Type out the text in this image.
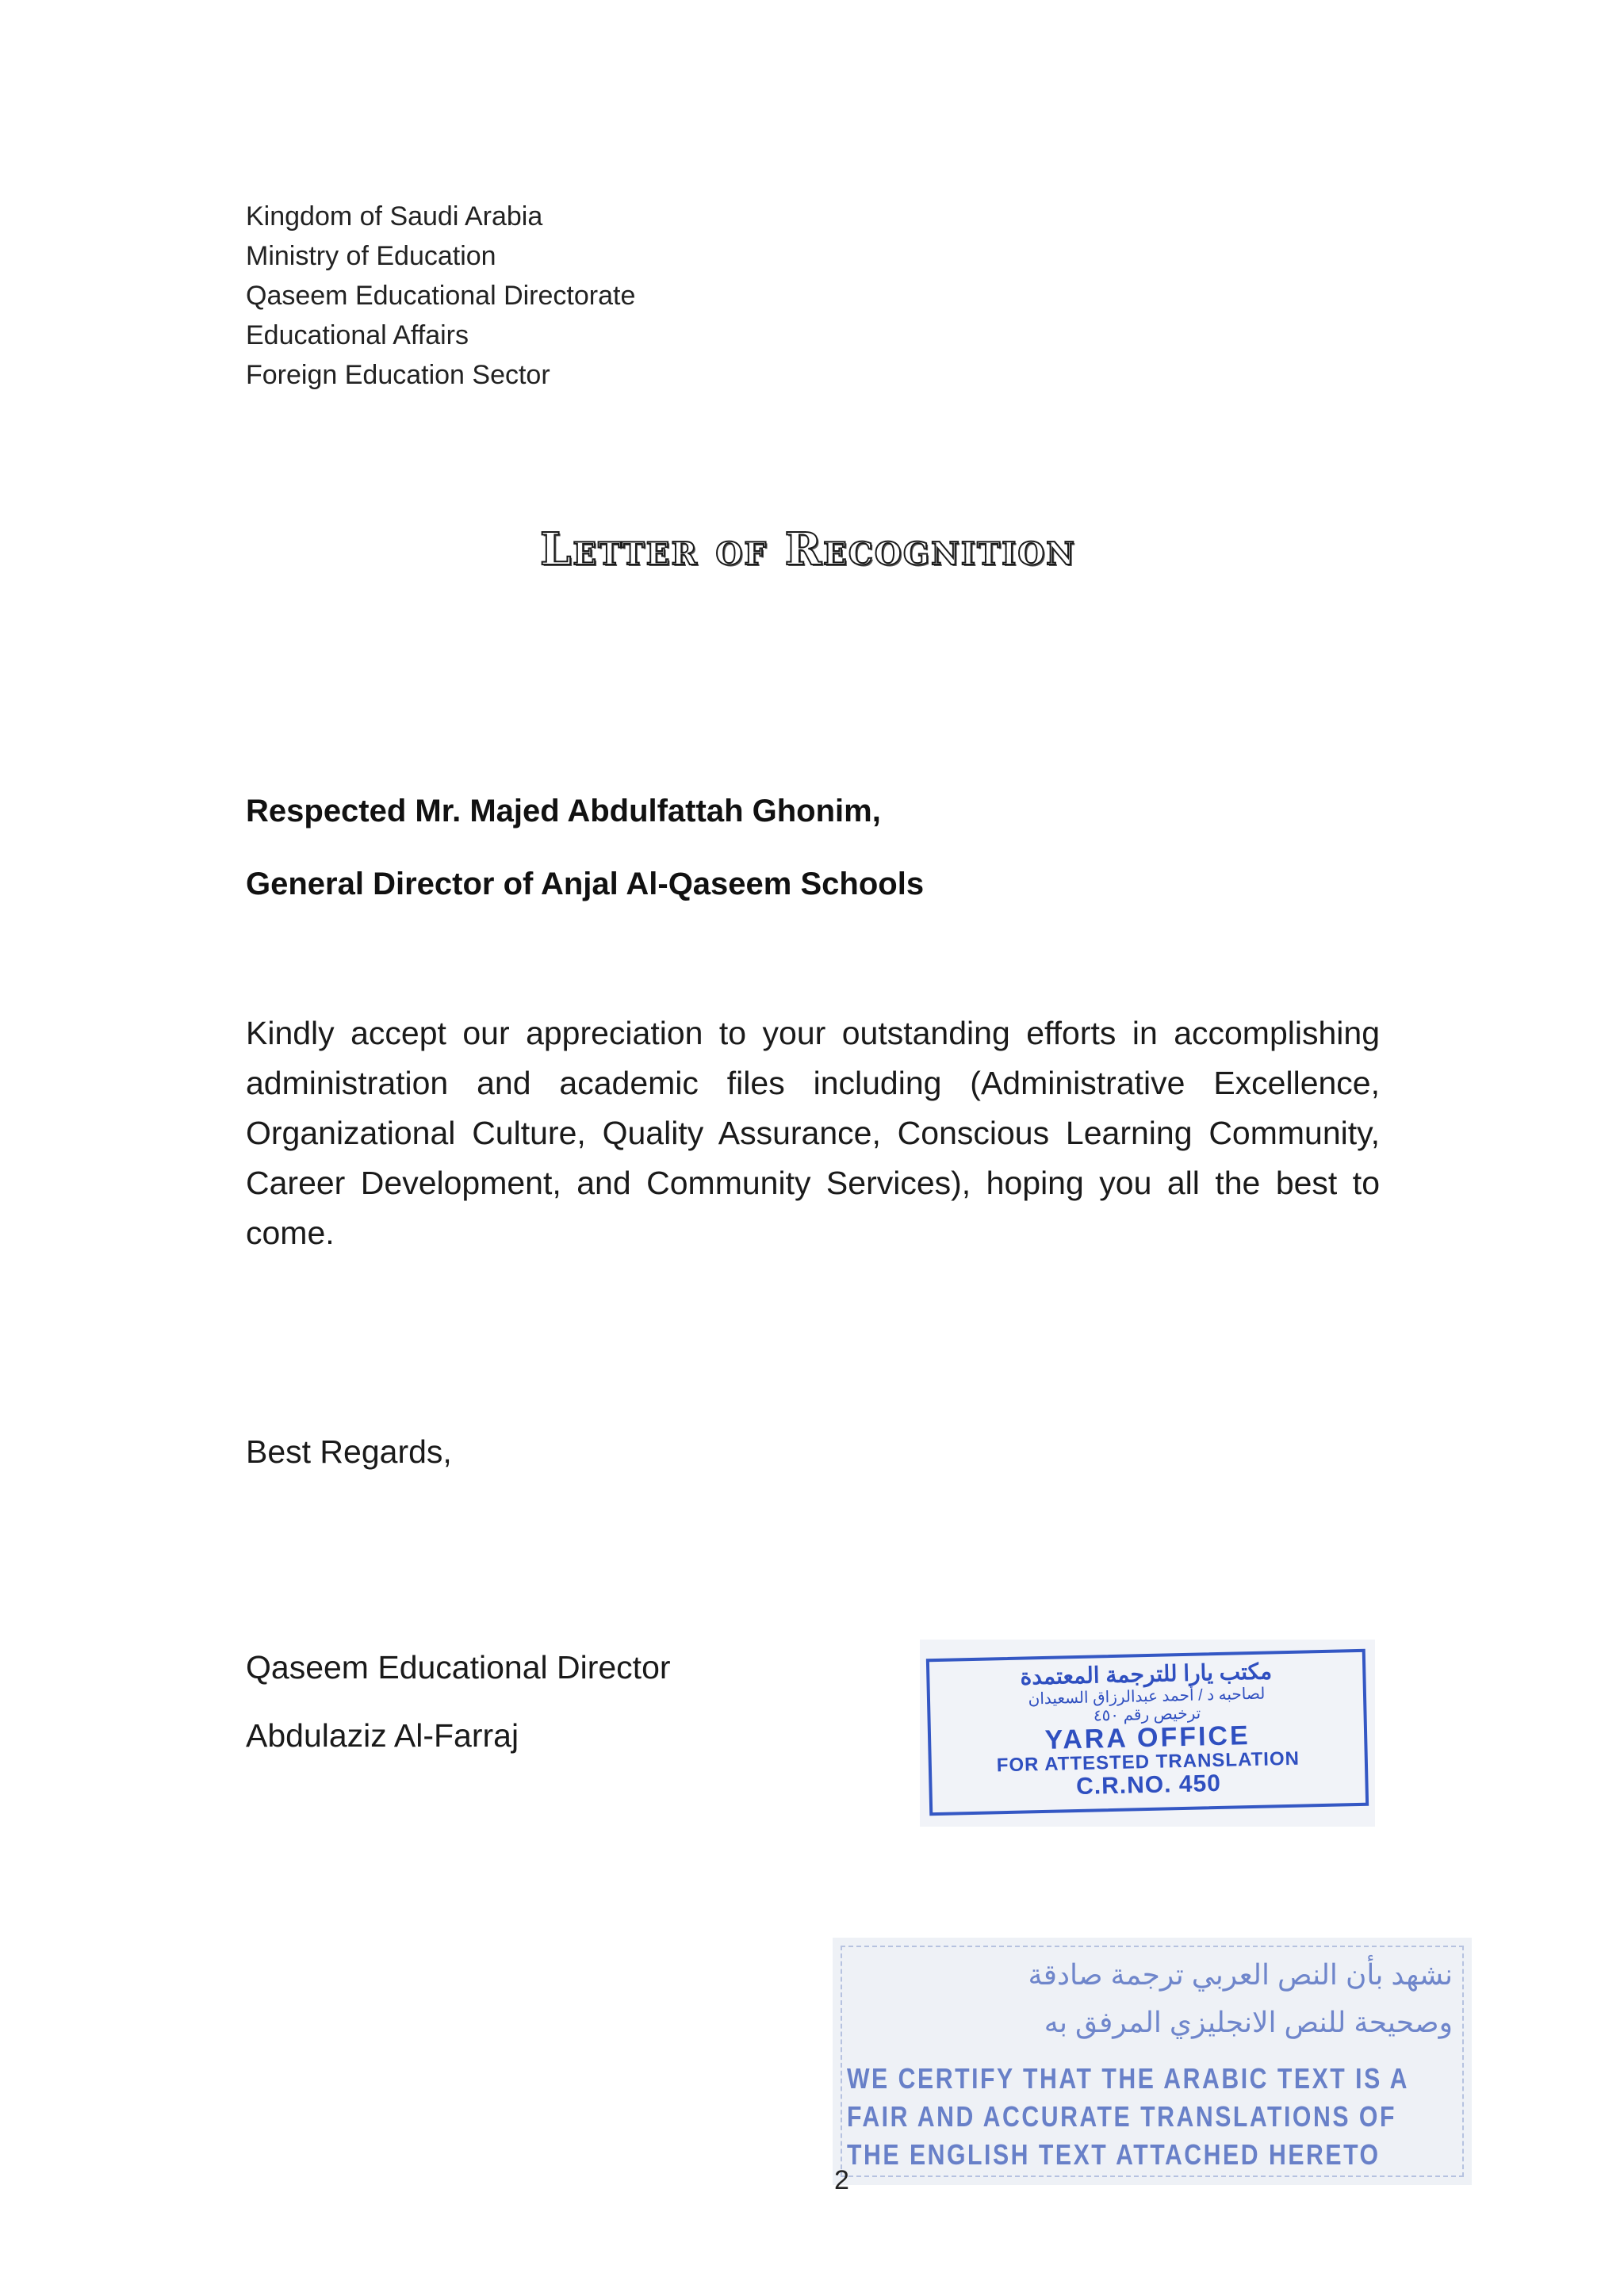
Kingdom of Saudi Arabia
Ministry of Education
Qaseem Educational Directorate
Educational Affairs
Foreign Education Sector
Letter of Recognition
Respected Mr. Majed Abdulfattah Ghonim,
General Director of Anjal Al-Qaseem Schools
Kindly accept our appreciation to your outstanding efforts in accomplishing administration and academic files including (Administrative Excellence, Organizational Culture, Quality Assurance, Conscious Learning Community, Career Development, and Community Services), hoping you all the best to come.
Best Regards,
Qaseem Educational Director
Abdulaziz Al-Farraj
مكتب يارا للترجمة المعتمدة
لصاحبه د / أحمد عبدالرزاق السعيدان
ترخيص رقم ٤٥٠
YARA OFFICE
FOR ATTESTED TRANSLATION
C.R.NO. 450
نشهد بأن النص العربي ترجمة صادقة
وصحيحة للنص الانجليزي المرفق به
WE CERTIFY THAT THE ARABIC TEXT IS A
FAIR AND ACCURATE TRANSLATIONS OF
THE ENGLISH TEXT ATTACHED HERETO
2
